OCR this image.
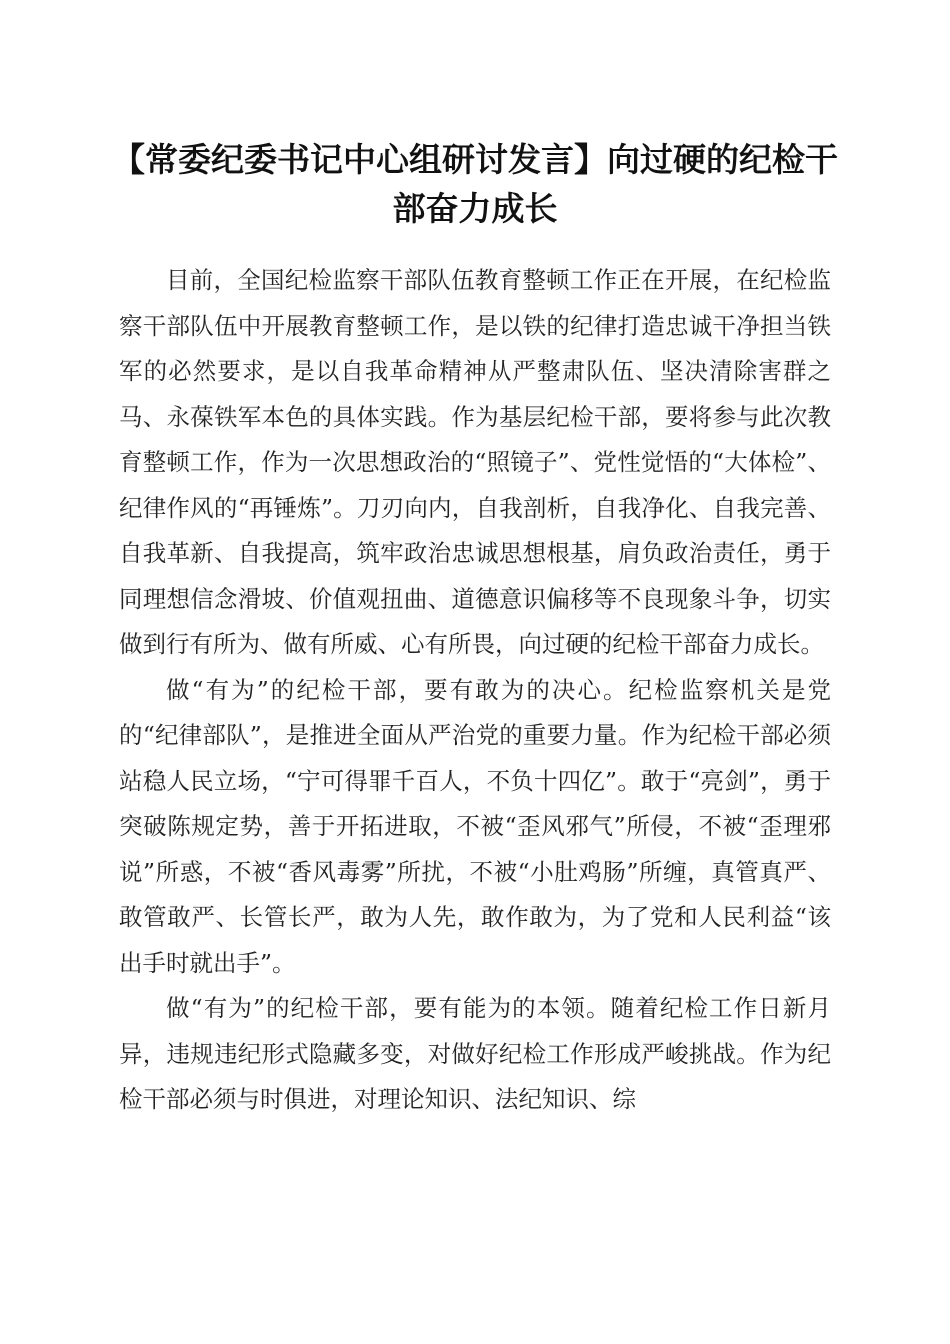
【常委纪委书记中心组研讨发言】向过硬的纪检干部奋力成长

目前，全国纪检监察干部队伍教育整顿工作正在开展，在纪检监察干部队伍中开展教育整顿工作，是以铁的纪律打造忠诚干净担当铁军的必然要求，是以自我革命精神从严整肃队伍、坚决清除害群之马、永葆铁军本色的具体实践。作为基层纪检干部，要将参与此次教育整顿工作，作为一次思想政治的“照镜子”、党性觉悟的“大体检”、纪律作风的“再锤炼”。刀刃向内，自我剖析，自我净化、自我完善、自我革新、自我提高，筑牢政治忠诚思想根基，肩负政治责任，勇于同理想信念滑坡、价值观扭曲、道德意识偏移等不良现象斗争，切实做到行有所为、做有所威、心有所畏，向过硬的纪检干部奋力成长。

做“有为”的纪检干部，要有敢为的决心。纪检监察机关是党的“纪律部队”，是推进全面从严治党的重要力量。作为纪检干部必须站稳人民立场，“宁可得罪千百人，不负十四亿”。敢于“亮剑”，勇于突破陈规定势，善于开拓进取，不被“歪风邪气”所侵，不被“歪理邪说”所惑，不被“香风毒雾”所扰，不被“小肚鸡肠”所缠，真管真严、敢管敢严、长管长严，敢为人先，敢作敢为，为了党和人民利益“该出手时就出手”。

做“有为”的纪检干部，要有能为的本领。随着纪检工作日新月异，违规违纪形式隐藏多变，对做好纪检工作形成严峻挑战。作为纪检干部必须与时俱进，对理论知识、法纪知识、综
